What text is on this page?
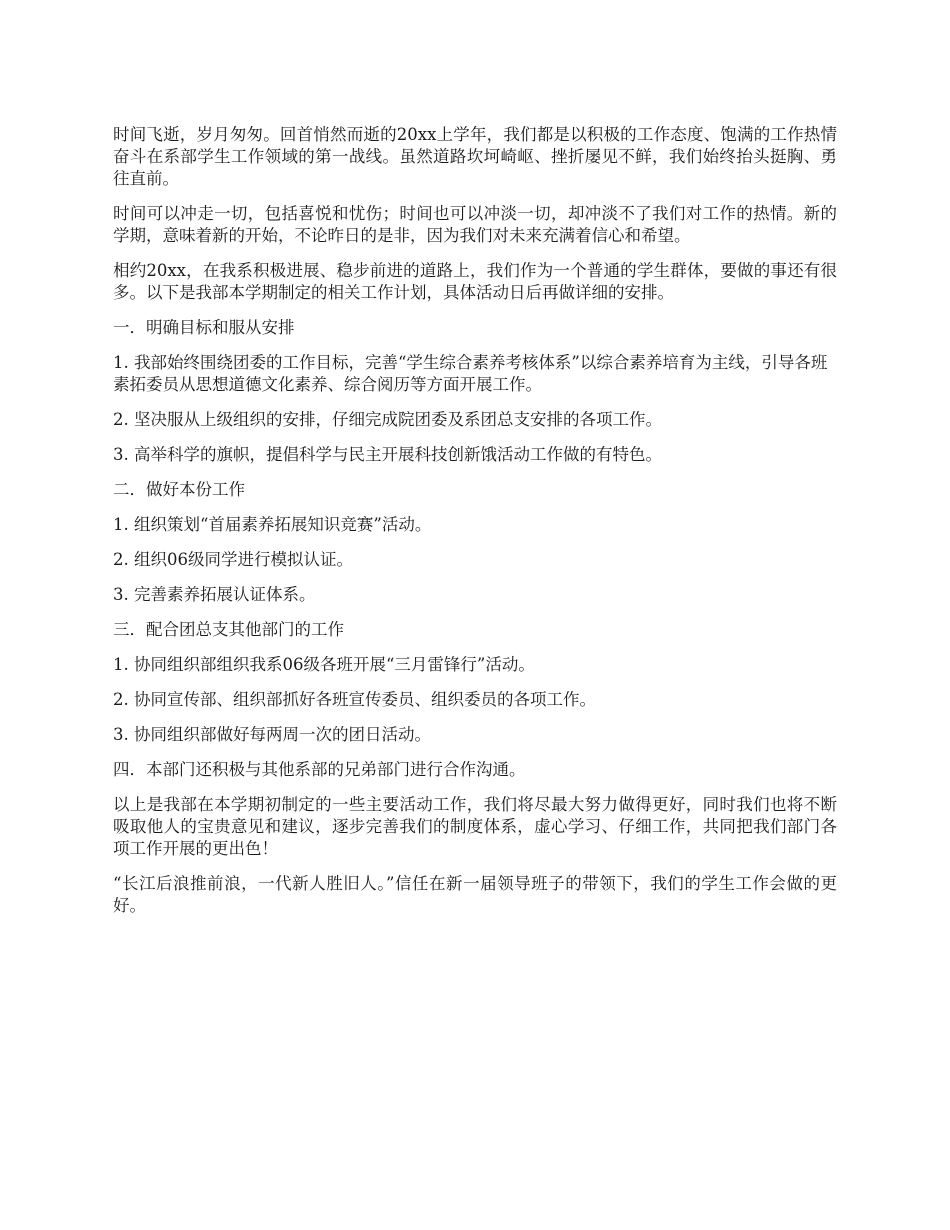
时间飞逝，岁月匆匆。回首悄然而逝的20xx上学年，我们都是以积极的工作态度、饱满的工作热情奋斗在系部学生工作领域的第一战线。虽然道路坎坷崎岖、挫折屡见不鲜，我们始终抬头挺胸、勇往直前。

时间可以冲走一切，包括喜悦和忧伤；时间也可以冲淡一切，却冲淡不了我们对工作的热情。新的学期，意味着新的开始，不论昨日的是非，因为我们对未来充满着信心和希望。

相约20xx，在我系积极进展、稳步前进的道路上，我们作为一个普通的学生群体，要做的事还有很多。以下是我部本学期制定的相关工作计划，具体活动日后再做详细的安排。

一．明确目标和服从安排

1. 我部始终围绕团委的工作目标，完善“学生综合素养考核体系”以综合素养培育为主线，引导各班素拓委员从思想道德文化素养、综合阅历等方面开展工作。

2. 坚决服从上级组织的安排，仔细完成院团委及系团总支安排的各项工作。

3. 高举科学的旗帜，提倡科学与民主开展科技创新饿活动工作做的有特色。

二．做好本份工作

1. 组织策划“首届素养拓展知识竞赛”活动。

2. 组织06级同学进行模拟认证。

3. 完善素养拓展认证体系。

三．配合团总支其他部门的工作

1. 协同组织部组织我系06级各班开展“三月雷锋行”活动。

2. 协同宣传部、组织部抓好各班宣传委员、组织委员的各项工作。

3. 协同组织部做好每两周一次的团日活动。

四．本部门还积极与其他系部的兄弟部门进行合作沟通。

以上是我部在本学期初制定的一些主要活动工作，我们将尽最大努力做得更好，同时我们也将不断吸取他人的宝贵意见和建议，逐步完善我们的制度体系，虚心学习、仔细工作，共同把我们部门各项工作开展的更出色！

“长江后浪推前浪，一代新人胜旧人。”信任在新一届领导班子的带领下，我们的学生工作会做的更好。
